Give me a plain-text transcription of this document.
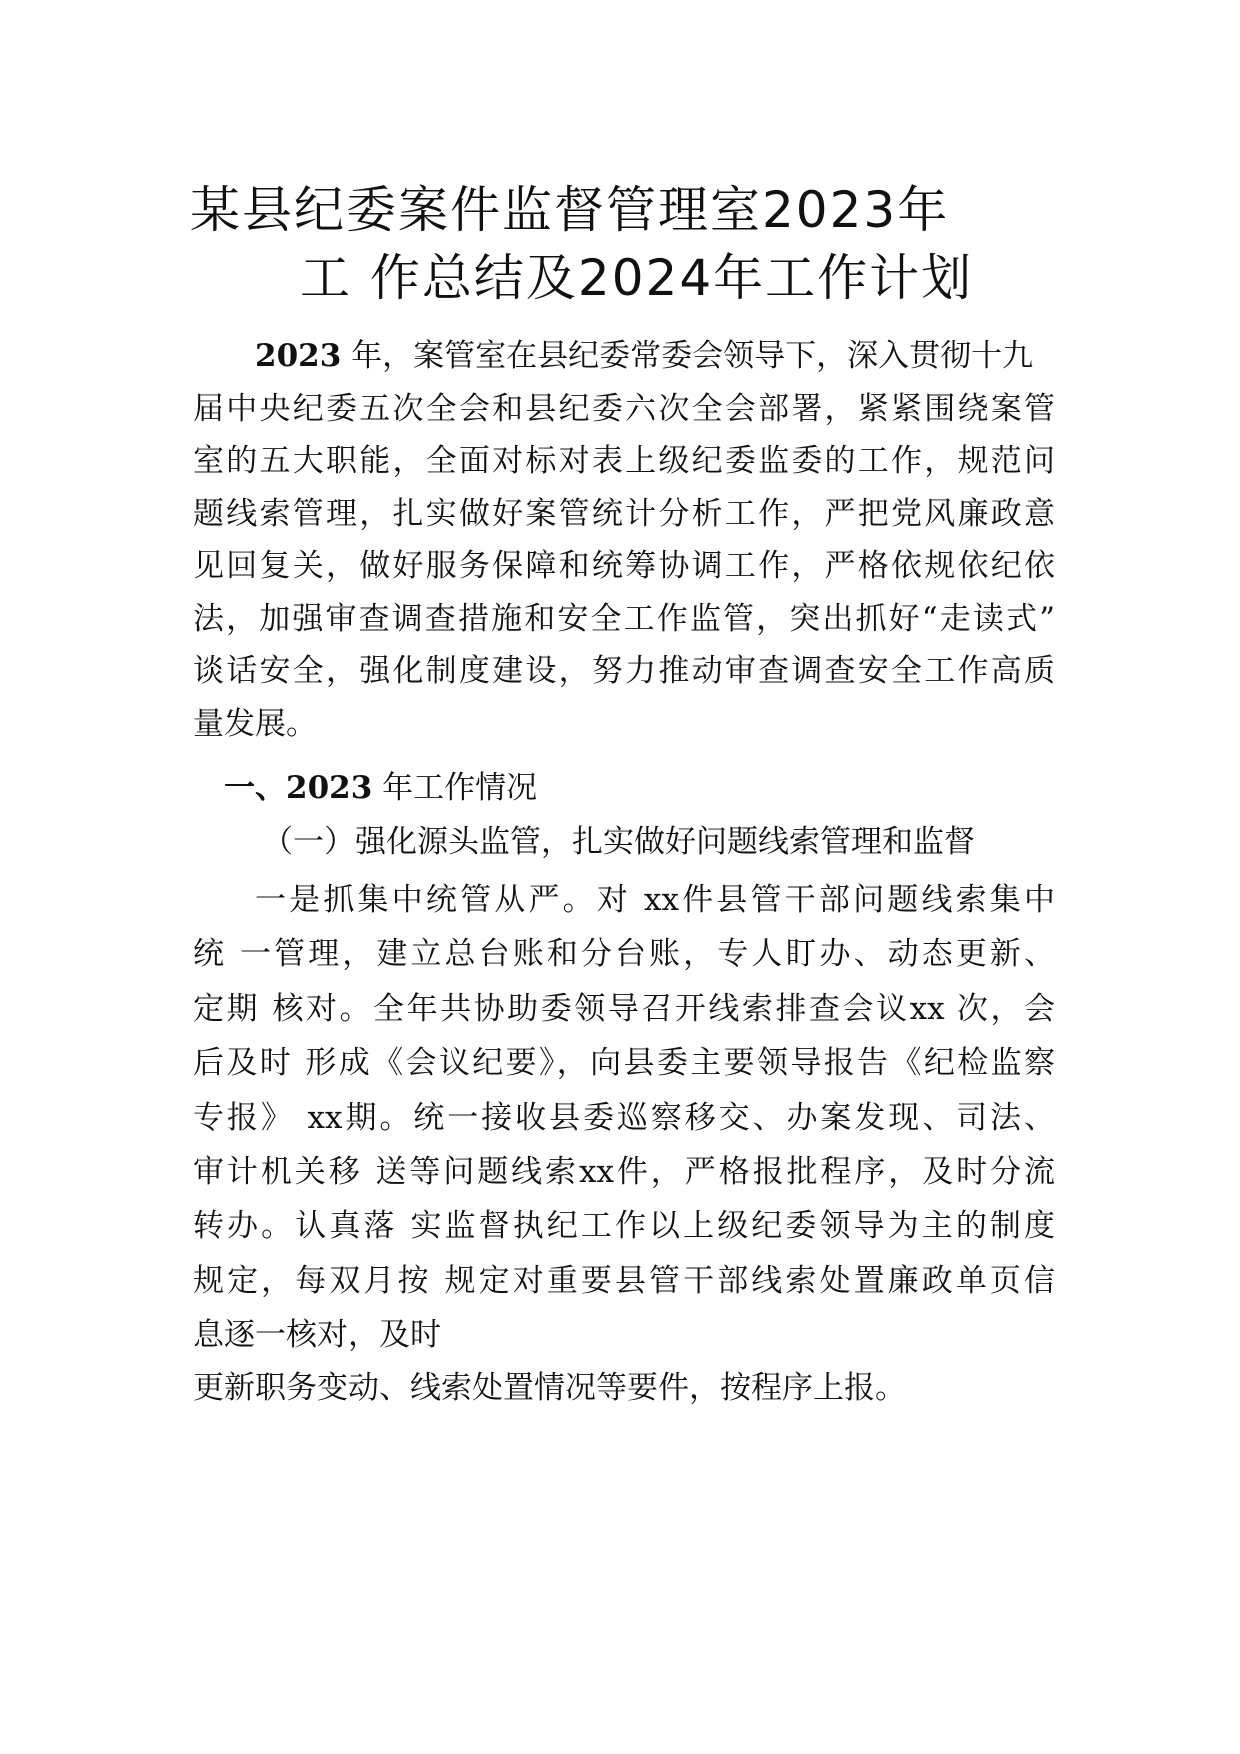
某县纪委案件监督管理室2023年
工 作总结及2024年工作计划
2023 年，案管室在县纪委常委会领导下，深入贯彻十九
届中央纪委五次全会和县纪委六次全会部署，紧紧围绕案管
室的五大职能，全面对标对表上级纪委监委的工作，规范问
题线索管理，扎实做好案管统计分析工作，严把党风廉政意
见回复关，做好服务保障和统筹协调工作，严格依规依纪依
法，加强审查调查措施和安全工作监管，突出抓好“走读式”
谈话安全，强化制度建设，努力推动审查调查安全工作高质
量发展。
一、2023 年工作情况
（一）强化源头监管，扎实做好问题线索管理和监督
一是抓集中统管从严。对 xx件县管干部问题线索集中
统 一管理，建立总台账和分台账，专人盯办、动态更新、
定期 核对。全年共协助委领导召开线索排查会议xx 次，会
后及时 形成《会议纪要》，向县委主要领导报告《纪检监察
专报》 xx期。统一接收县委巡察移交、办案发现、司法、
审计机关移 送等问题线索xx件，严格报批程序，及时分流
转办。认真落 实监督执纪工作以上级纪委领导为主的制度
规定，每双月按 规定对重要县管干部线索处置廉政单页信
息逐一核对，及时
更新职务变动、线索处置情况等要件，按程序上报。
